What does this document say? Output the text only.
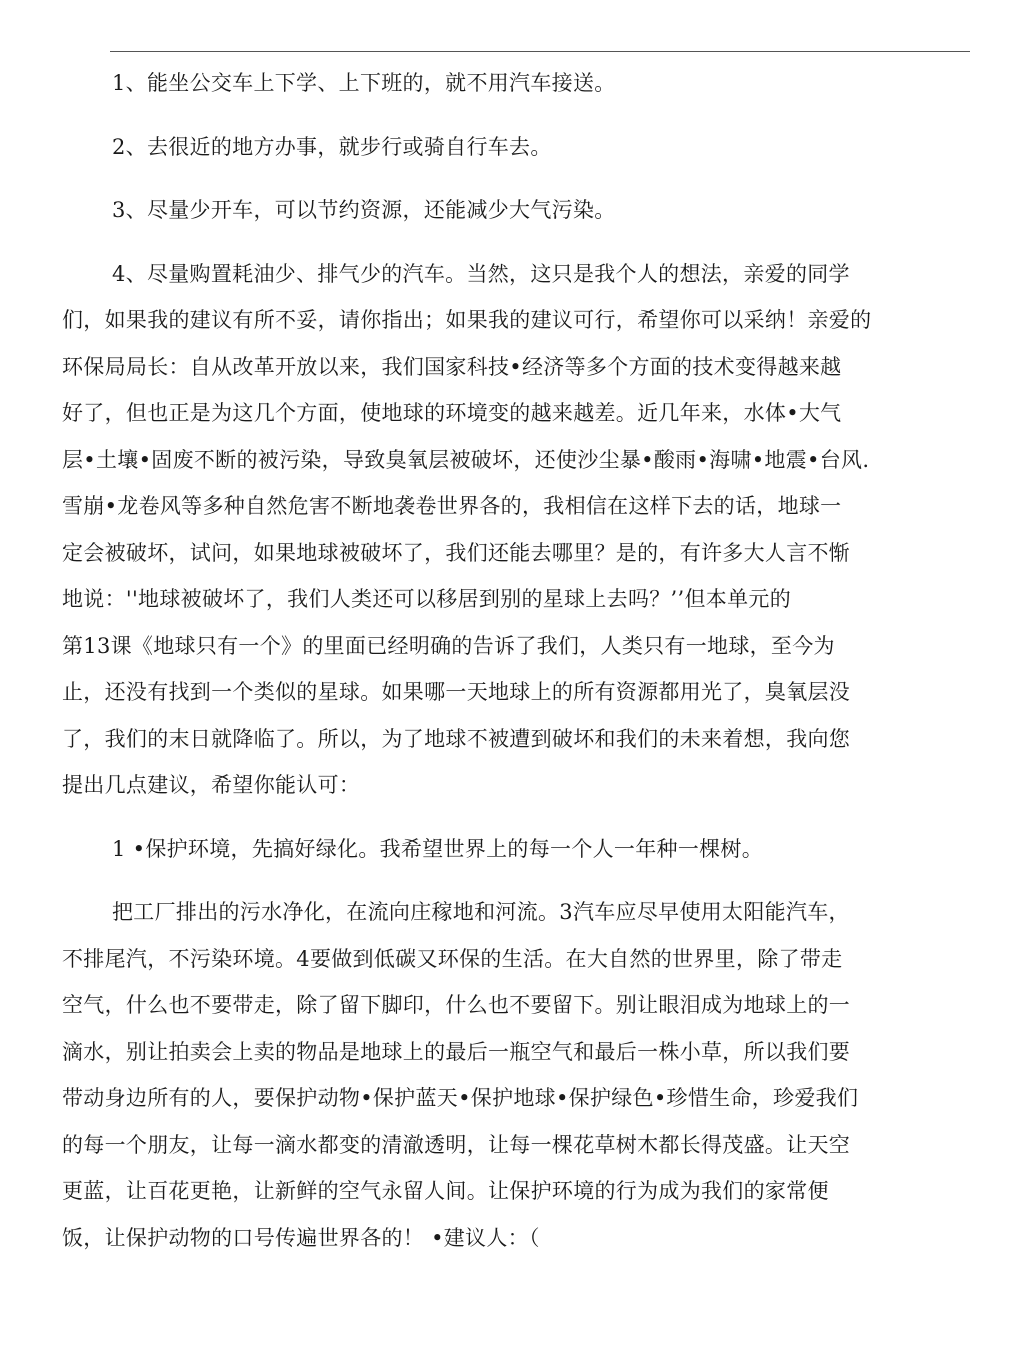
1、能坐公交车上下学、上下班的，就不用汽车接送。

2、去很近的地方办事，就步行或骑自行车去。

3、尽量少开车，可以节约资源，还能减少大气污染。

4、尽量购置耗油少、排气少的汽车。当然，这只是我个人的想法，亲爱的同学
们，如果我的建议有所不妥，请你指出；如果我的建议可行，希望你可以采纳！亲爱的
环保局局长：自从改革开放以来，我们国家科技•经济等多个方面的技术变得越来越
好了，但也正是为这几个方面，使地球的环境变的越来越差。近几年来，水体•大气
层•土壤•固废不断的被污染，导致臭氧层被破坏，还使沙尘暴•酸雨•海啸•地震•台风.
雪崩•龙卷风等多种自然危害不断地袭卷世界各的，我相信在这样下去的话，地球一
定会被破坏，试问，如果地球被破坏了，我们还能去哪里？是的，有许多大人言不惭
地说：''地球被破坏了，我们人类还可以移居到别的星球上去吗？’’但本单元的
第13课《地球只有一个》的里面已经明确的告诉了我们，人类只有一地球，至今为
止，还没有找到一个类似的星球。如果哪一天地球上的所有资源都用光了，臭氧层没
了，我们的末日就降临了。所以，为了地球不被遭到破坏和我们的未来着想，我向您
提出几点建议，希望你能认可：

1 •保护环境，先搞好绿化。我希望世界上的每一个人一年种一棵树。

把工厂排出的污水净化，在流向庄稼地和河流。3汽车应尽早使用太阳能汽车，
不排尾汽，不污染环境。4要做到低碳又环保的生活。在大自然的世界里，除了带走
空气，什么也不要带走，除了留下脚印，什么也不要留下。别让眼泪成为地球上的一
滴水，别让拍卖会上卖的物品是地球上的最后一瓶空气和最后一株小草，所以我们要
带动身边所有的人，要保护动物•保护蓝天•保护地球•保护绿色•珍惜生命，珍爱我们
的每一个朋友，让每一滴水都变的清澈透明，让每一棵花草树木都长得茂盛。让天空
更蓝，让百花更艳，让新鲜的空气永留人间。让保护环境的行为成为我们的家常便
饭，让保护动物的口号传遍世界各的！ •建议人：（
